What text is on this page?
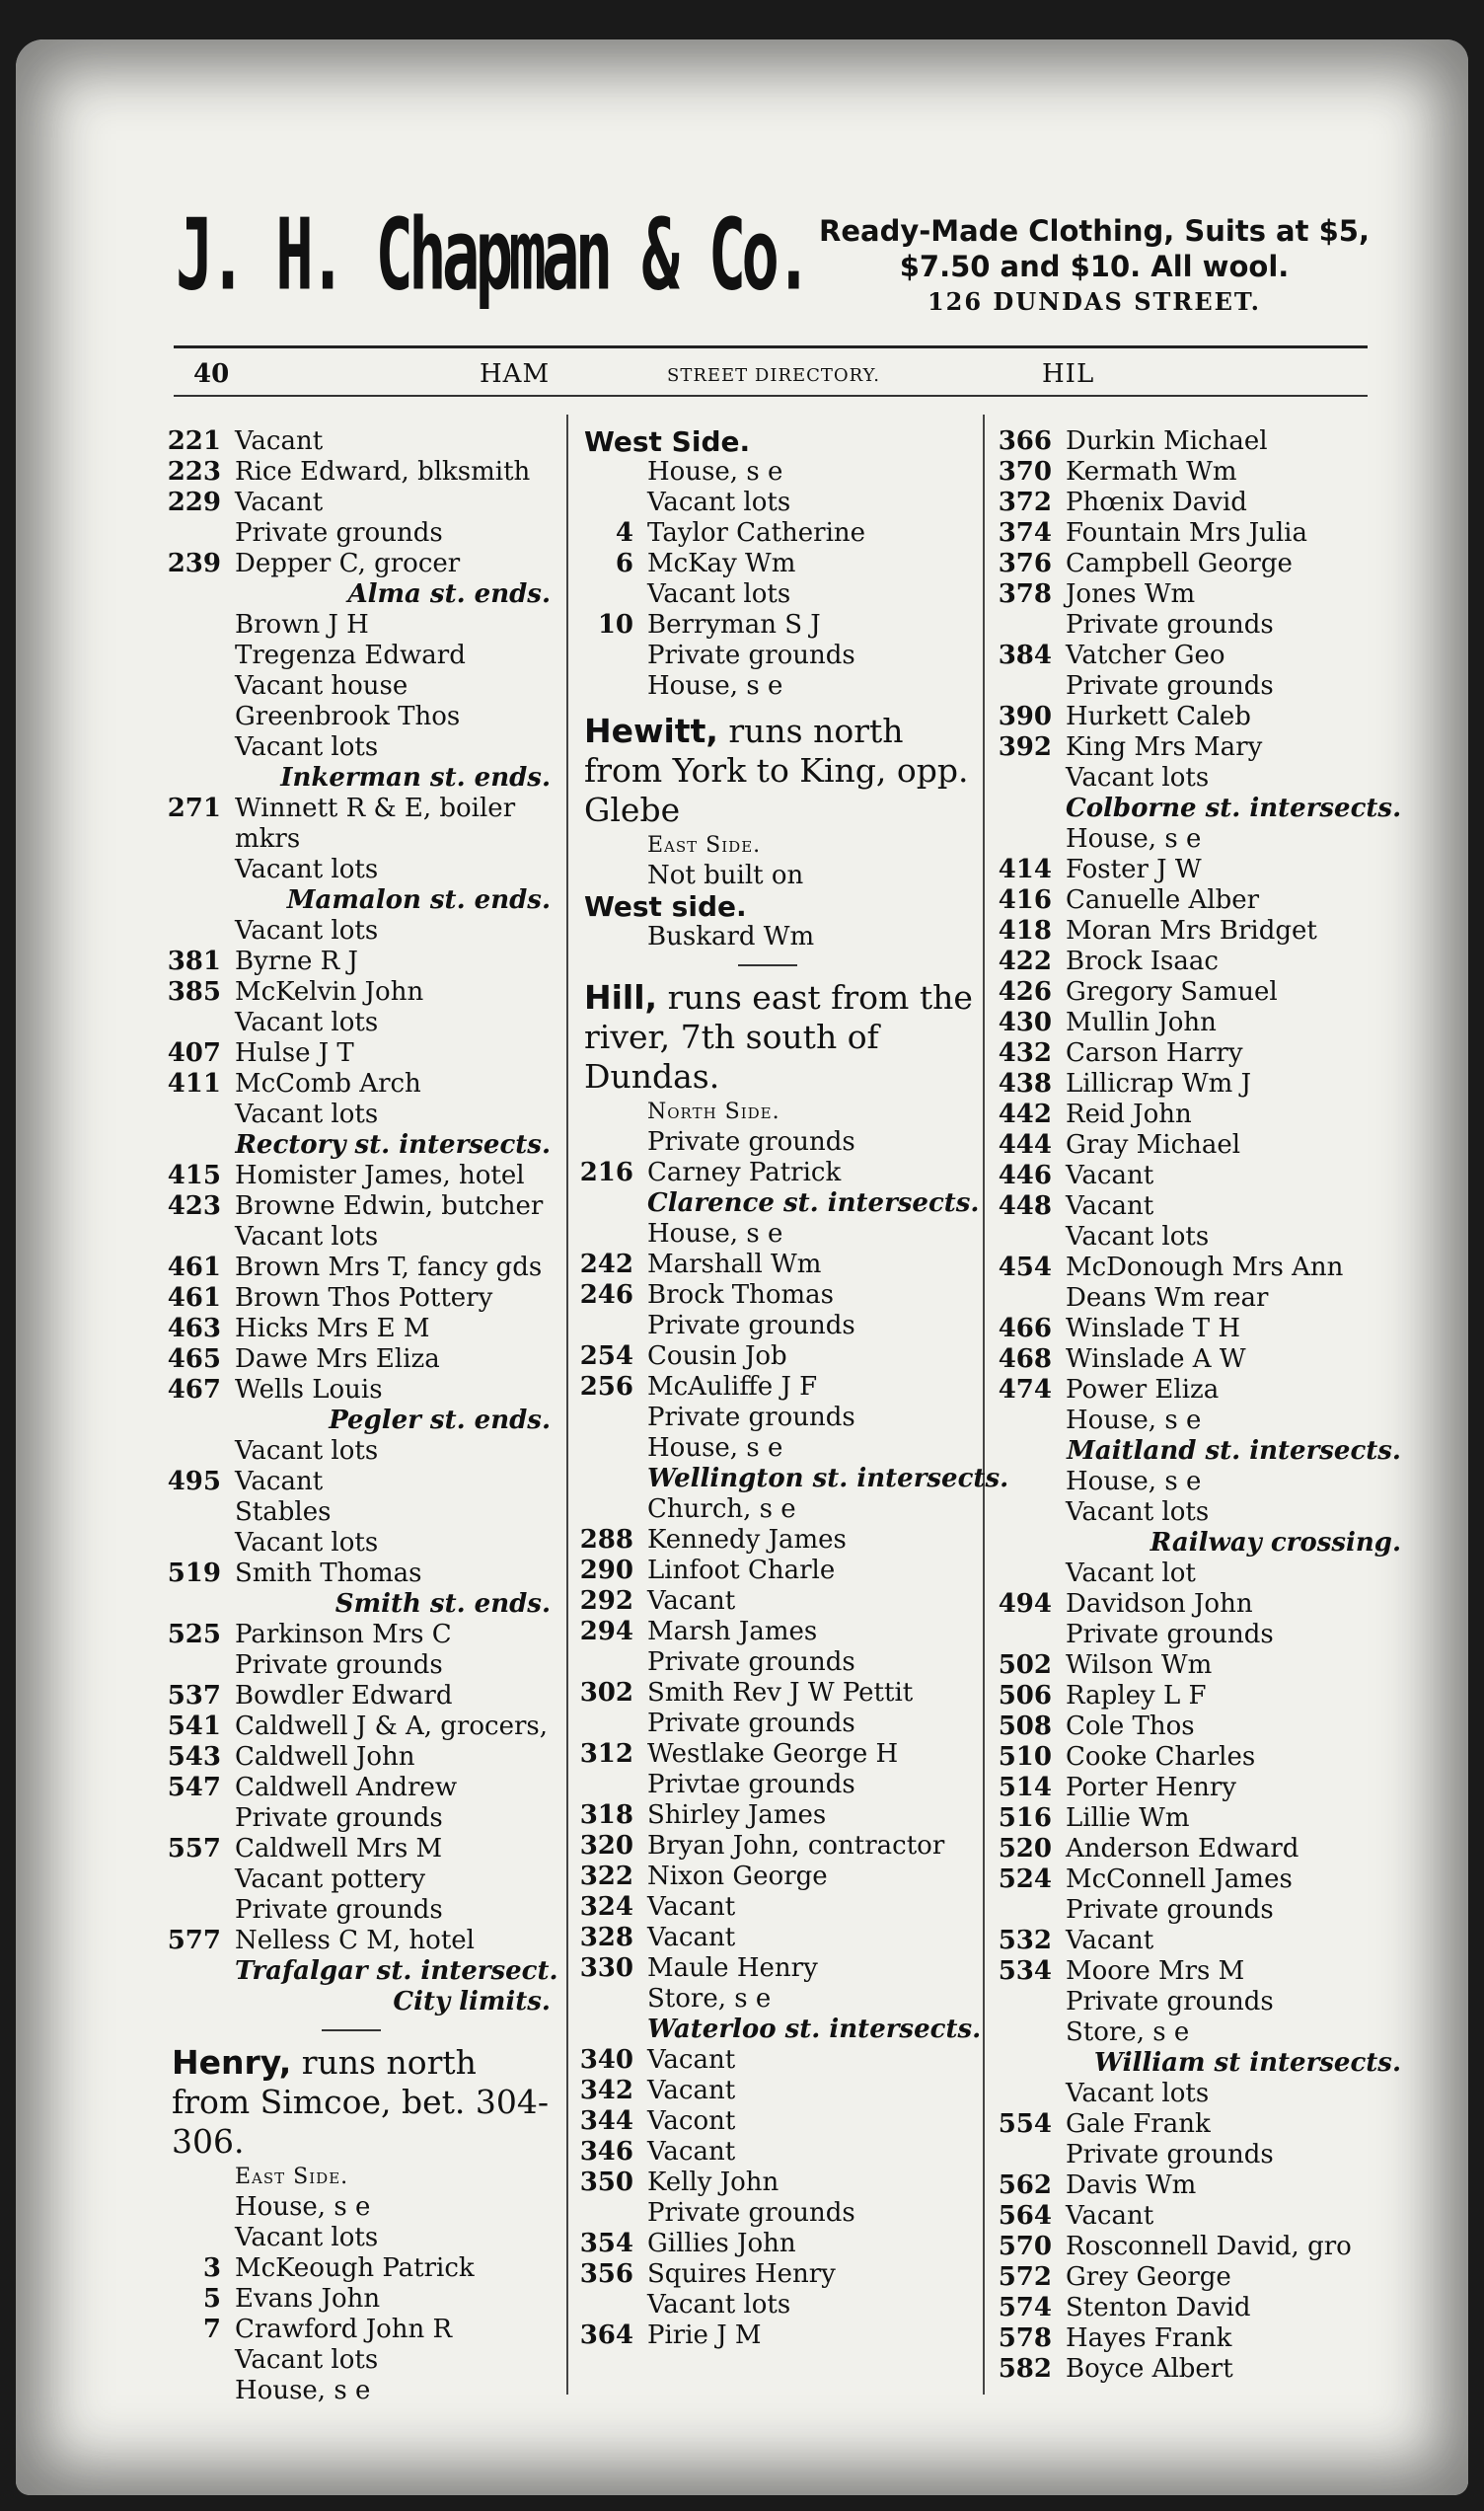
J. H. Chapman & Co. Ready-Made Clothing, Suits at $5,
$7.50 and $10. All wool.
126 DUNDAS STREET.
40	HAM	STREET DIRECTORY.	HIL
221 Vacant
223 Rice Edward, blksmith
229 Vacant
Private grounds
239 Depper C, grocer
Alma st. ends.
Brown J H
Tregenza Edward
Vacant house
Greenbrook Thos
Vacant lots
Inkerman st. ends.
271 Winnett R & E, boiler
mkrs
Vacant lots
Mamalon st. ends.
Vacant lots
381 Byrne R J
385 McKelvin John
Vacant lots
407 Hulse J T
411 McComb Arch
Vacant lots
Rectory st. intersects.
415 Homister James, hotel
423 Browne Edwin, butcher
Vacant lots
461 Brown Mrs T, fancy gds
461 Brown Thos Pottery
463 Hicks Mrs E M
465 Dawe Mrs Eliza
467 Wells Louis
Pegler st. ends.
Vacant lots
495 Vacant
Stables
Vacant lots
519 Smith Thomas
Smith st. ends.
525 Parkinson Mrs C
Private grounds
537 Bowdler Edward
541 Caldwell J & A, grocers,
543 Caldwell John
547 Caldwell Andrew
Private grounds
557 Caldwell Mrs M
Vacant pottery
Private grounds
577 Nelless C M, hotel
Trafalgar st. intersect.
City limits.
Henry, runs north from Simcoe, bet. 304-306.
East Side.
House, s e
Vacant lots
3 McKeough Patrick
5 Evans John
7 Crawford John R
Vacant lots
House, s e
West Side.
House, s e
Vacant lots
4 Taylor Catherine
6 McKay Wm
Vacant lots
10 Berryman S J
Private grounds
House, s e
Hewitt, runs north from York to King, opp. Glebe
East Side.
Not built on
West side.
Buskard Wm
Hill, runs east from the river, 7th south of Dundas.
North Side.
Private grounds
216 Carney Patrick
Clarence st. intersects.
House, s e
242 Marshall Wm
246 Brock Thomas
Private grounds
254 Cousin Job
256 McAuliffe J F
Private grounds
House, s e
Wellington st. intersects.
Church, s e
288 Kennedy James
290 Linfoot Charle
292 Vacant
294 Marsh James
Private grounds
302 Smith Rev J W Pettit
Private grounds
312 Westlake George H
Privtae grounds
318 Shirley James
320 Bryan John, contractor
322 Nixon George
324 Vacant
328 Vacant
330 Maule Henry
Store, s e
Waterloo st. intersects.
340 Vacant
342 Vacant
344 Vacont
346 Vacant
350 Kelly John
Private grounds
354 Gillies John
356 Squires Henry
Vacant lots
364 Pirie J M
366 Durkin Michael
370 Kermath Wm
372 Phœnix David
374 Fountain Mrs Julia
376 Campbell George
378 Jones Wm
Private grounds
384 Vatcher Geo
Private grounds
390 Hurkett Caleb
392 King Mrs Mary
Vacant lots
Colborne st. intersects.
House, s e
414 Foster J W
416 Canuelle Alber
418 Moran Mrs Bridget
422 Brock Isaac
426 Gregory Samuel
430 Mullin John
432 Carson Harry
438 Lillicrap Wm J
442 Reid John
444 Gray Michael
446 Vacant
448 Vacant
Vacant lots
454 McDonough Mrs Ann
Deans Wm rear
466 Winslade T H
468 Winslade A W
474 Power Eliza
House, s e
Maitland st. intersects.
House, s e
Vacant lots
Railway crossing.
Vacant lot
494 Davidson John
Private grounds
502 Wilson Wm
506 Rapley L F
508 Cole Thos
510 Cooke Charles
514 Porter Henry
516 Lillie Wm
520 Anderson Edward
524 McConnell James
Private grounds
532 Vacant
534 Moore Mrs M
Private grounds
Store, s e
William st intersects.
Vacant lots
554 Gale Frank
Private grounds
562 Davis Wm
564 Vacant
570 Rosconnell David, gro
572 Grey George
574 Stenton David
578 Hayes Frank
582 Boyce Albert
